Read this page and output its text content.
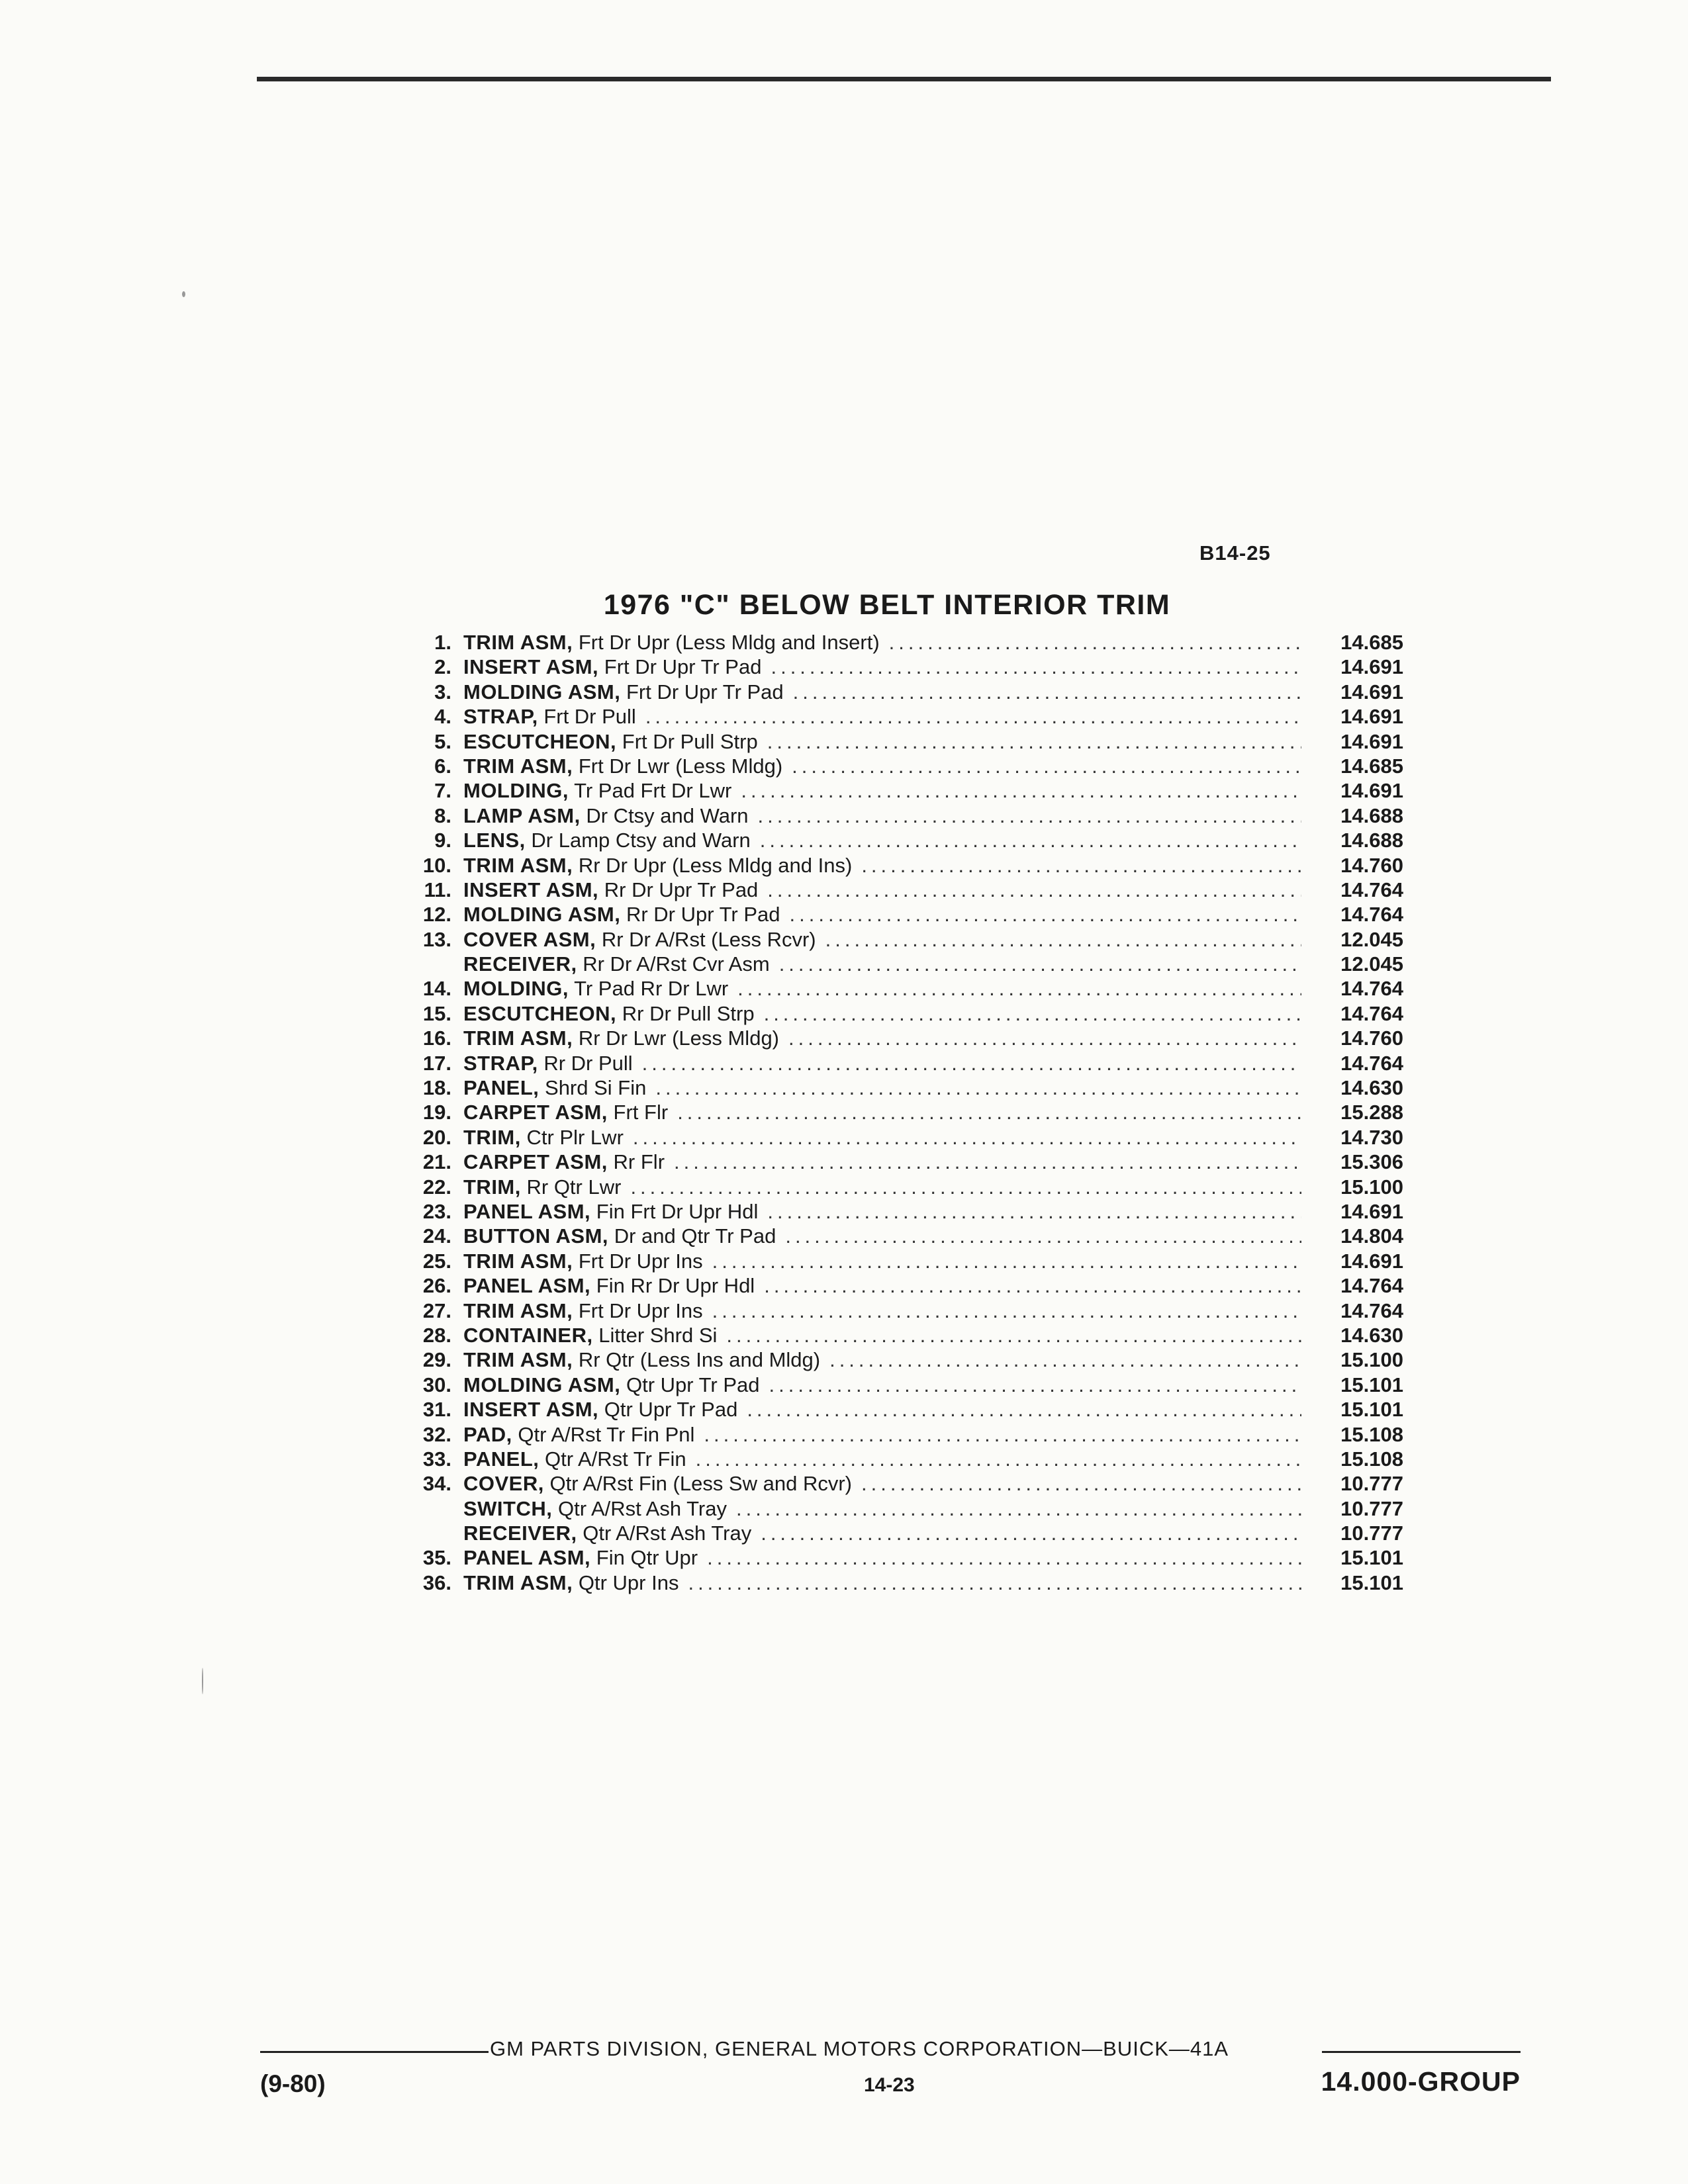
B14-25
1976 "C" BELOW BELT INTERIOR TRIM
1. TRIM ASM, Frt Dr Upr (Less Mldg and Insert) .....	14.685
2. INSERT ASM, Frt Dr Upr Tr Pad .....	14.691
3. MOLDING ASM, Frt Dr Upr Tr Pad .....	14.691
4. STRAP, Frt Dr Pull .....	14.691
5. ESCUTCHEON, Frt Dr Pull Strp .....	14.691
6. TRIM ASM, Frt Dr Lwr (Less Mldg) .....	14.685
7. MOLDING, Tr Pad Frt Dr Lwr .....	14.691
8. LAMP ASM, Dr Ctsy and Warn .....	14.688
9. LENS, Dr Lamp Ctsy and Warn .....	14.688
10. TRIM ASM, Rr Dr Upr (Less Mldg and Ins) .....	14.760
11. INSERT ASM, Rr Dr Upr Tr Pad .....	14.764
12. MOLDING ASM, Rr Dr Upr Tr Pad .....	14.764
13. COVER ASM, Rr Dr A/Rst (Less Rcvr) .....	12.045
RECEIVER, Rr Dr A/Rst Cvr Asm .....	12.045
14. MOLDING, Tr Pad Rr Dr Lwr .....	14.764
15. ESCUTCHEON, Rr Dr Pull Strp .....	14.764
16. TRIM ASM, Rr Dr Lwr (Less Mldg) .....	14.760
17. STRAP, Rr Dr Pull .....	14.764
18. PANEL, Shrd Si Fin .....	14.630
19. CARPET ASM, Frt Flr .....	15.288
20. TRIM, Ctr Plr Lwr .....	14.730
21. CARPET ASM, Rr Flr .....	15.306
22. TRIM, Rr Qtr Lwr .....	15.100
23. PANEL ASM, Fin Frt Dr Upr Hdl .....	14.691
24. BUTTON ASM, Dr and Qtr Tr Pad .....	14.804
25. TRIM ASM, Frt Dr Upr Ins .....	14.691
26. PANEL ASM, Fin Rr Dr Upr Hdl .....	14.764
27. TRIM ASM, Frt Dr Upr Ins .....	14.764
28. CONTAINER, Litter Shrd Si .....	14.630
29. TRIM ASM, Rr Qtr (Less Ins and Mldg) .....	15.100
30. MOLDING ASM, Qtr Upr Tr Pad .....	15.101
31. INSERT ASM, Qtr Upr Tr Pad .....	15.101
32. PAD, Qtr A/Rst Tr Fin Pnl .....	15.108
33. PANEL, Qtr A/Rst Tr Fin .....	15.108
34. COVER, Qtr A/Rst Fin (Less Sw and Rcvr) .....	10.777
SWITCH, Qtr A/Rst Ash Tray .....	10.777
RECEIVER, Qtr A/Rst Ash Tray .....	10.777
35. PANEL ASM, Fin Qtr Upr .....	15.101
36. TRIM ASM, Qtr Upr Ins .....	15.101
GM PARTS DIVISION, GENERAL MOTORS CORPORATION—BUICK—41A
(9-80)	14-23	14.000-GROUP
